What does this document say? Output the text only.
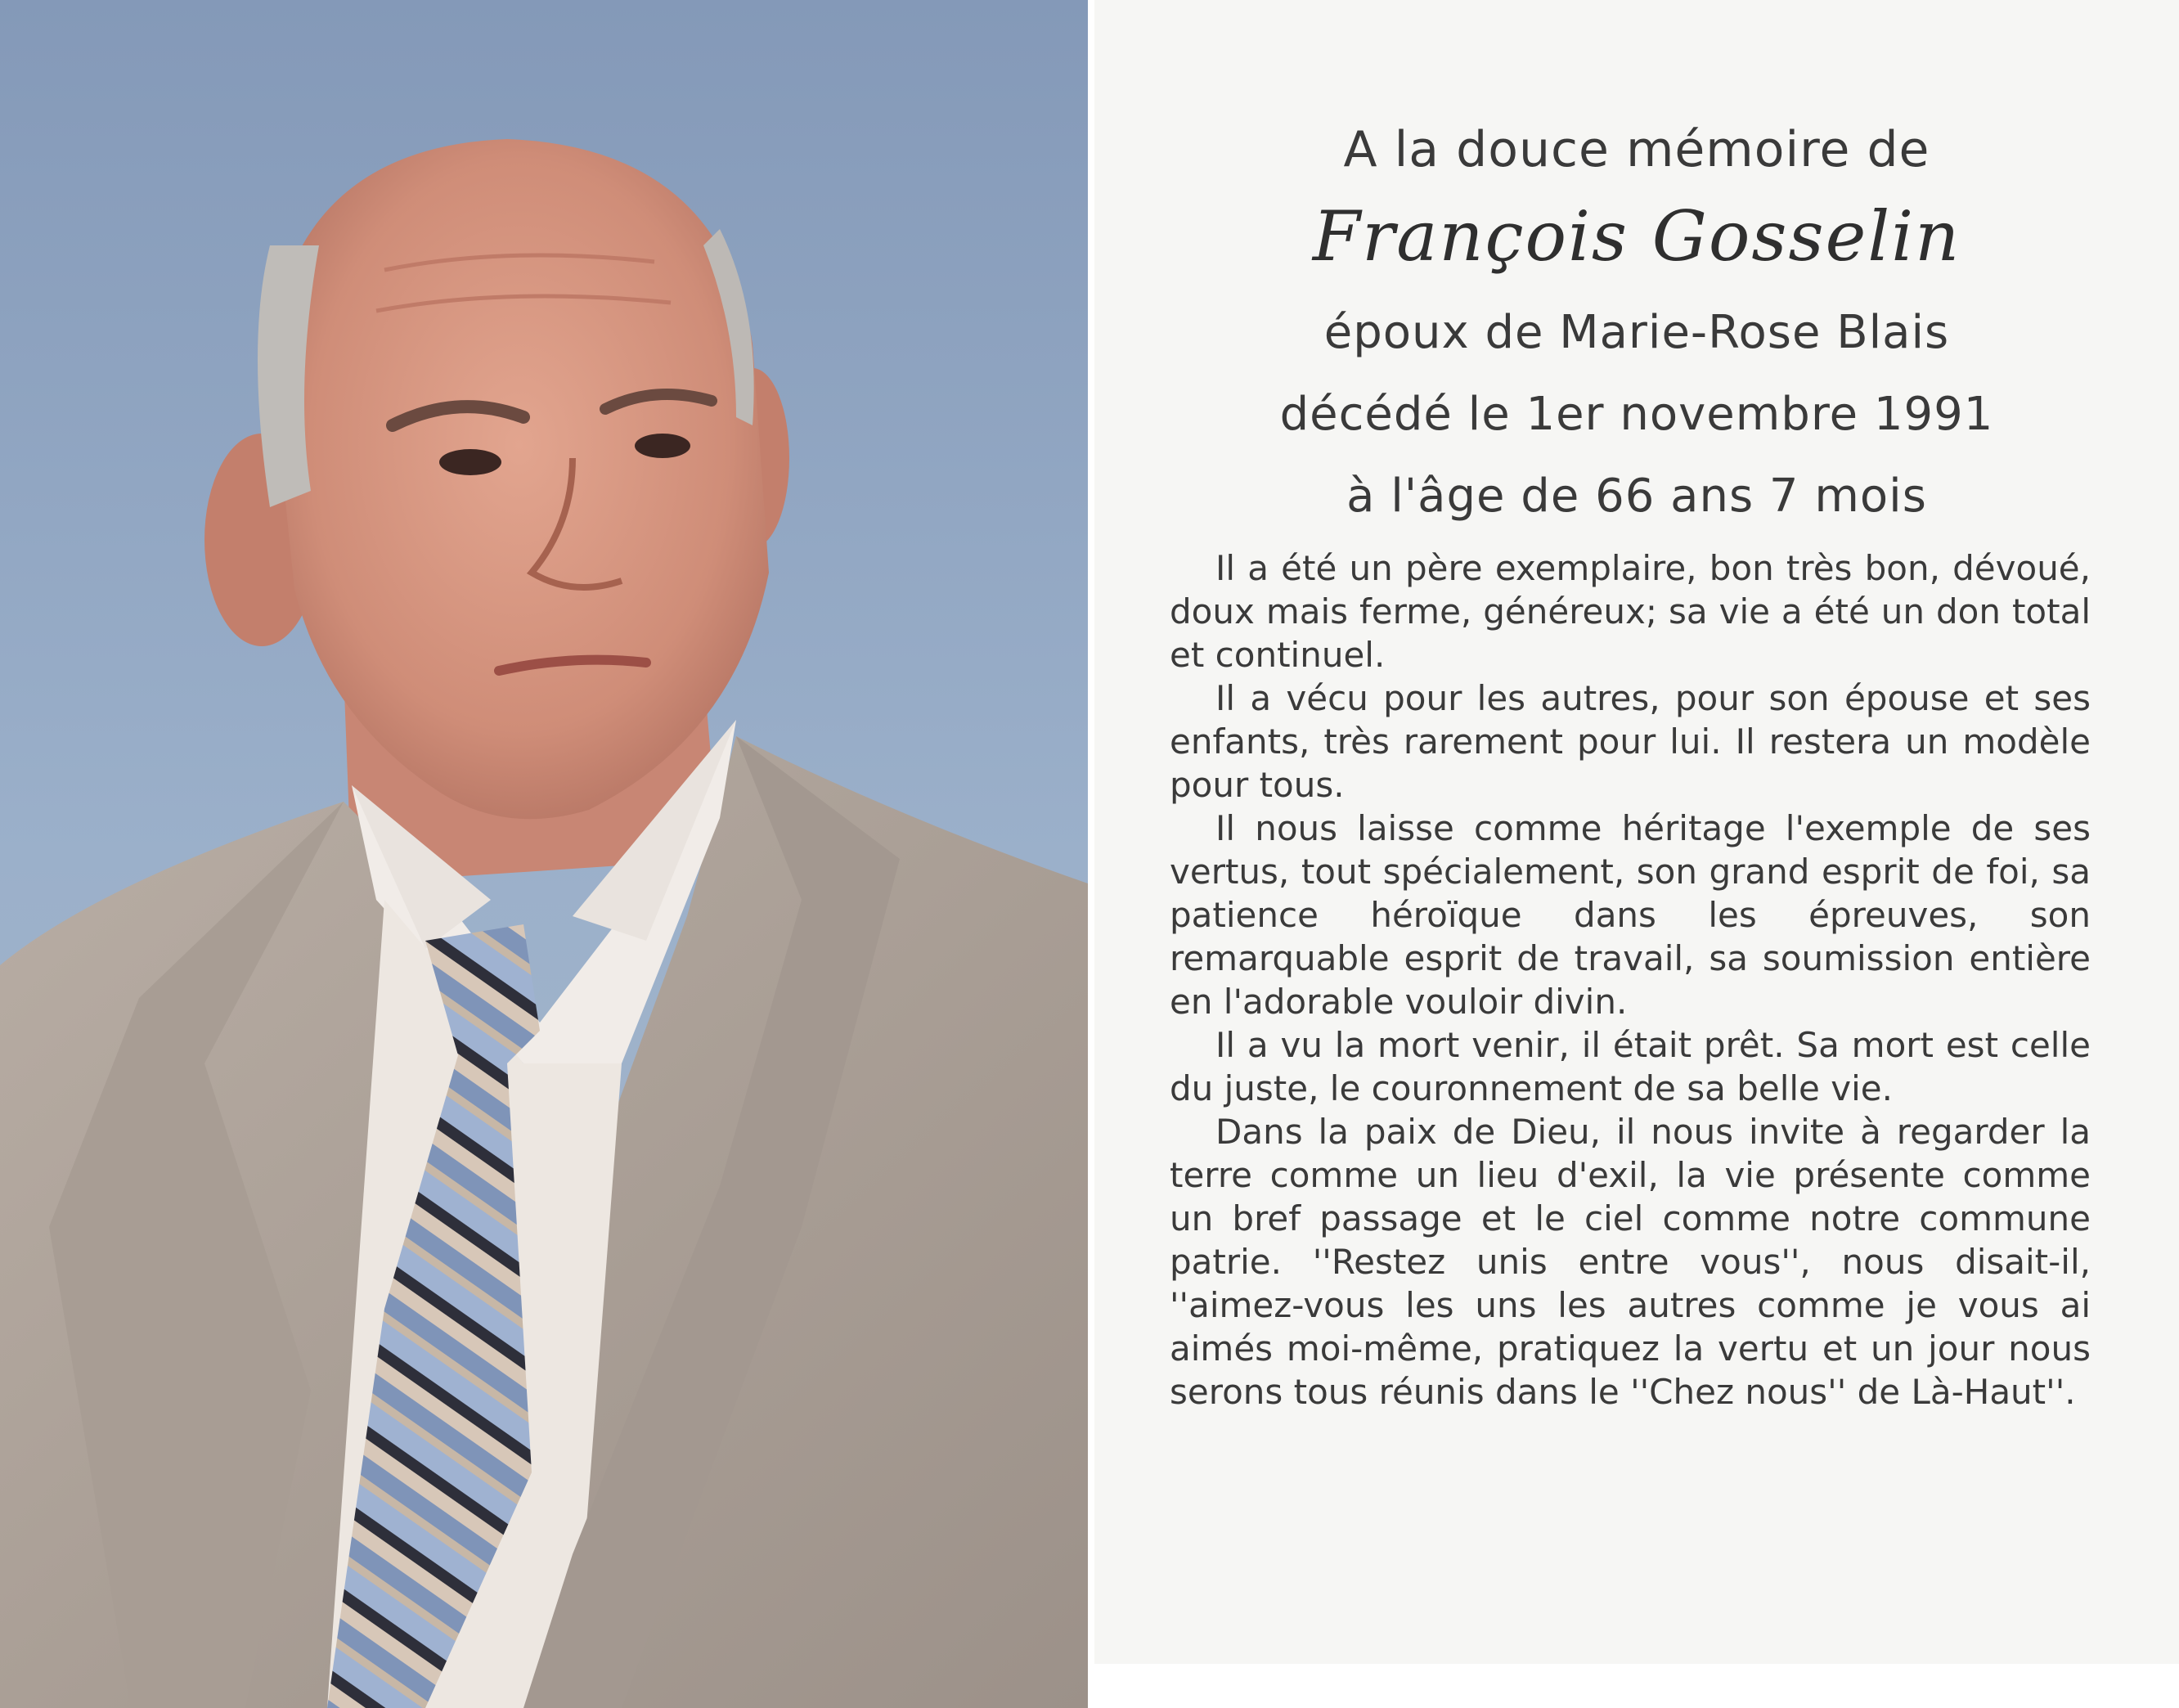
A la douce mémoire de
François Gosselin
époux de Marie-Rose Blais
décédé le 1er novembre 1991
à l'âge de 66 ans 7 mois

Il a été un père exemplaire, bon très bon, dévoué, doux mais ferme, généreux; sa vie a été un don total et continuel.

Il a vécu pour les autres, pour son épouse et ses enfants, très rarement pour lui. Il restera un modèle pour tous.

Il nous laisse comme héritage l'exemple de ses vertus, tout spécialement, son grand esprit de foi, sa patience héroïque dans les épreuves, son remarquable esprit de travail, sa soumission entière en l'adorable vouloir divin.

Il a vu la mort venir, il était prêt. Sa mort est celle du juste, le couronnement de sa belle vie.

Dans la paix de Dieu, il nous invite à regarder la terre comme un lieu d'exil, la vie présente comme un bref passage et le ciel comme notre commune patrie. ''Restez unis entre vous'', nous disait-il, ''aimez-vous les uns les autres comme je vous ai aimés moi-même, pratiquez la vertu et un jour nous serons tous réunis dans le ''Chez nous'' de Là-Haut''.
